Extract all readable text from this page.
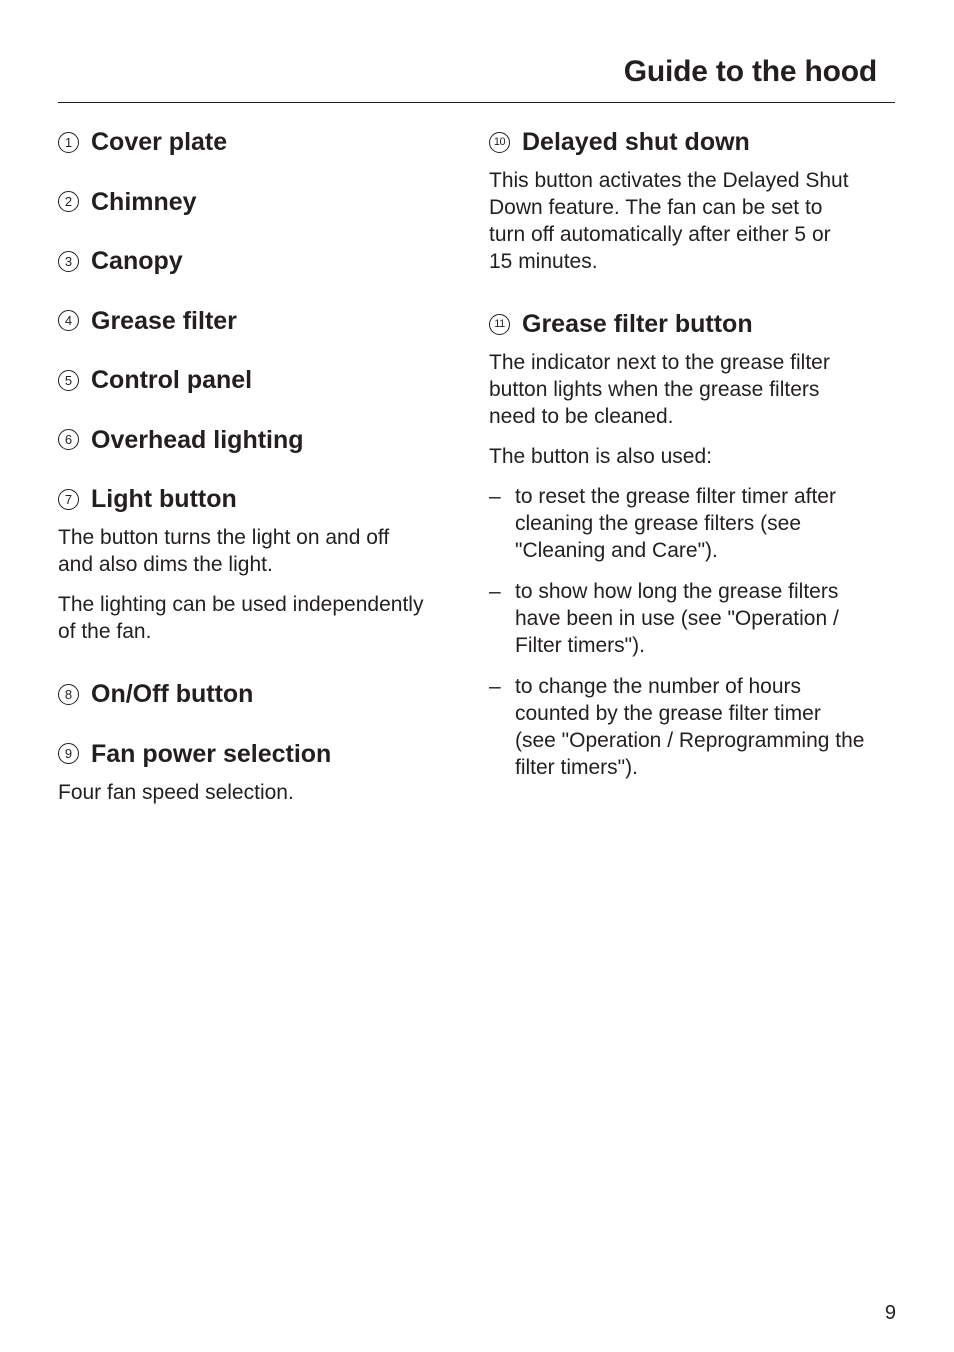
Guide to the hood
1 Cover plate
2 Chimney
3 Canopy
4 Grease filter
5 Control panel
6 Overhead lighting
7 Light button
The button turns the light on and off
and also dims the light.
The lighting can be used independently
of the fan.
8 On/Off button
9 Fan power selection
Four fan speed selection.
10 Delayed shut down
This button activates the Delayed Shut
Down feature. The fan can be set to
turn off automatically after either 5 or
15 minutes.
11 Grease filter button
The indicator next to the grease filter
button lights when the grease filters
need to be cleaned.
The button is also used:
– to reset the grease filter timer after
cleaning the grease filters (see
"Cleaning and Care").
– to show how long the grease filters
have been in use (see "Operation /
Filter timers").
– to change the number of hours
counted by the grease filter timer
(see "Operation / Reprogramming the
filter timers").
9
